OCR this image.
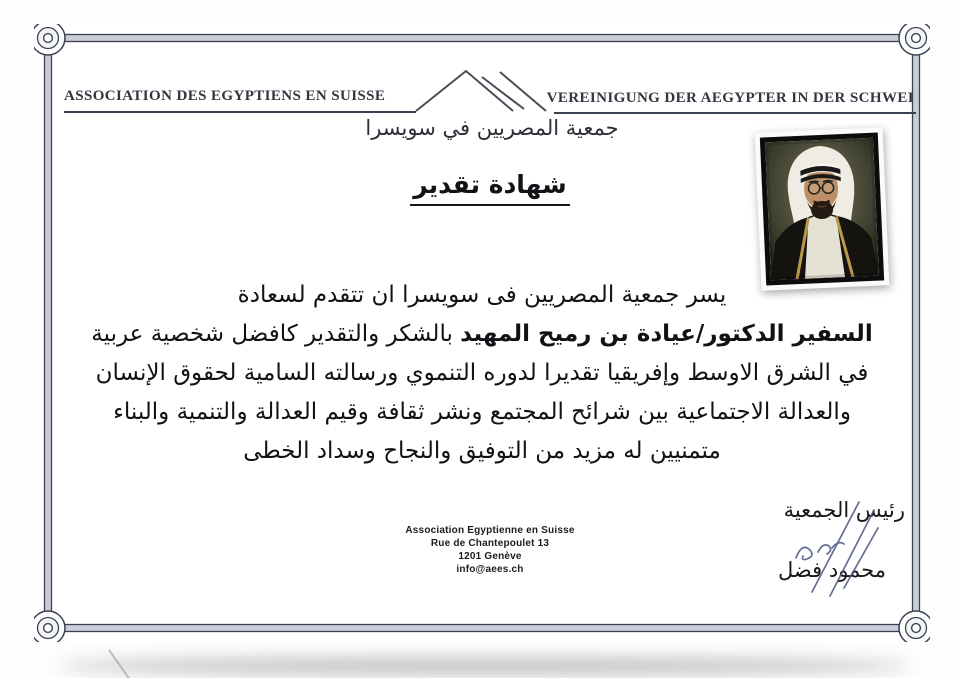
ASSOCIATION DES EGYPTIENS EN SUISSE	VEREINIGUNG DER AEGYPTER IN DER SCHWEI
جمعية المصريين في سويسرا
شهادة تقدير
يسر جمعية المصريين فى سويسرا ان تتقدم لسعادة
السفير الدكتور/عيادة بن رميح المهيد بالشكر والتقدير كافضل شخصية عربية
في الشرق الاوسط وإفريقيا تقديرا لدوره التنموي ورسالته السامية لحقوق الإنسان
والعدالة الاجتماعية بين شرائح المجتمع ونشر ثقافة وقيم العدالة والتنمية والبناء
متمنيين له مزيد من التوفيق والنجاح وسداد الخطى
Association Egyptienne en Suisse
Rue de Chantepoulet 13
1201 Genève
info@aees.ch
رئيس الجمعية
محمود فضل
